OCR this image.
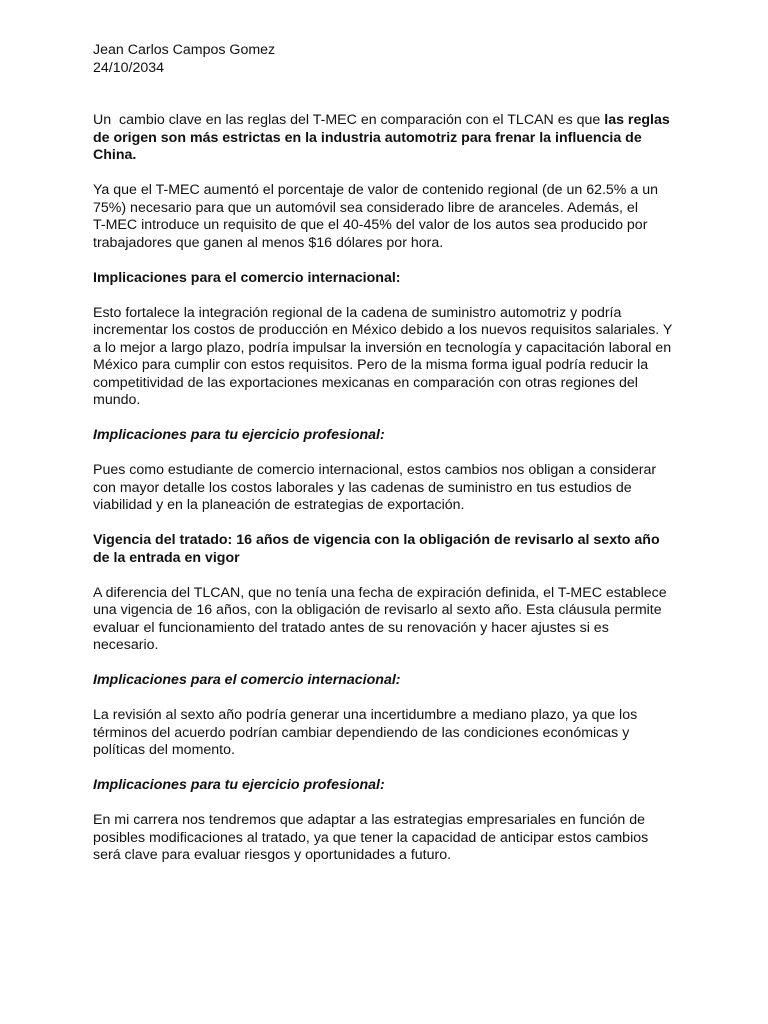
Jean Carlos Campos Gomez

24/10/2034

Un  cambio clave en las reglas del T-MEC en comparación con el TLCAN es que las reglas
de origen son más estrictas en la industria automotriz para frenar la influencia de
China.

Ya que el T-MEC aumentó el porcentaje de valor de contenido regional (de un 62.5% a un
75%) necesario para que un automóvil sea considerado libre de aranceles. Además, el
T-MEC introduce un requisito de que el 40-45% del valor de los autos sea producido por
trabajadores que ganen al menos $16 dólares por hora.

Implicaciones para el comercio internacional:

Esto fortalece la integración regional de la cadena de suministro automotriz y podría
incrementar los costos de producción en México debido a los nuevos requisitos salariales. Y
a lo mejor a largo plazo, podría impulsar la inversión en tecnología y capacitación laboral en
México para cumplir con estos requisitos. Pero de la misma forma igual podría reducir la
competitividad de las exportaciones mexicanas en comparación con otras regiones del
mundo.

Implicaciones para tu ejercicio profesional:

Pues como estudiante de comercio internacional, estos cambios nos obligan a considerar
con mayor detalle los costos laborales y las cadenas de suministro en tus estudios de
viabilidad y en la planeación de estrategias de exportación.

Vigencia del tratado: 16 años de vigencia con la obligación de revisarlo al sexto año
de la entrada en vigor

A diferencia del TLCAN, que no tenía una fecha de expiración definida, el T-MEC establece
una vigencia de 16 años, con la obligación de revisarlo al sexto año. Esta cláusula permite
evaluar el funcionamiento del tratado antes de su renovación y hacer ajustes si es
necesario.

Implicaciones para el comercio internacional:

La revisión al sexto año podría generar una incertidumbre a mediano plazo, ya que los
términos del acuerdo podrían cambiar dependiendo de las condiciones económicas y
políticas del momento.

Implicaciones para tu ejercicio profesional:

En mi carrera nos tendremos que adaptar a las estrategias empresariales en función de
posibles modificaciones al tratado, ya que tener la capacidad de anticipar estos cambios
será clave para evaluar riesgos y oportunidades a futuro.
